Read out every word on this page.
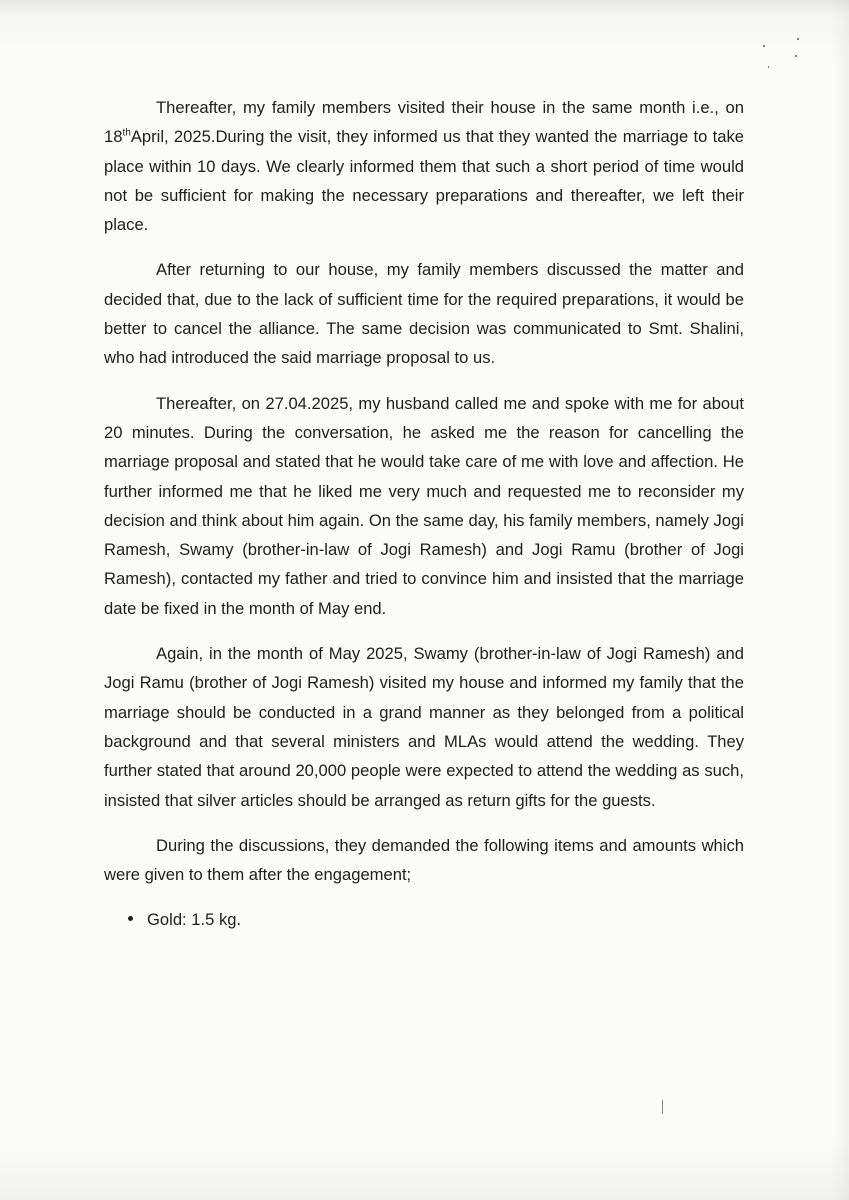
Thereafter, my family members visited their house in the same month i.e., on 18thApril, 2025.During the visit, they informed us that they wanted the marriage to take place within 10 days. We clearly informed them that such a short period of time would not be sufficient for making the necessary preparations and thereafter, we left their place.

After returning to our house, my family members discussed the matter and decided that, due to the lack of sufficient time for the required preparations, it would be better to cancel the alliance. The same decision was communicated to Smt. Shalini, who had introduced the said marriage proposal to us.

Thereafter, on 27.04.2025, my husband called me and spoke with me for about 20 minutes. During the conversation, he asked me the reason for cancelling the marriage proposal and stated that he would take care of me with love and affection. He further informed me that he liked me very much and requested me to reconsider my decision and think about him again. On the same day, his family members, namely Jogi Ramesh, Swamy (brother-in-law of Jogi Ramesh) and Jogi Ramu (brother of Jogi Ramesh), contacted my father and tried to convince him and insisted that the marriage date be fixed in the month of May end.

Again, in the month of May 2025, Swamy (brother-in-law of Jogi Ramesh) and Jogi Ramu (brother of Jogi Ramesh) visited my house and informed my family that the marriage should be conducted in a grand manner as they belonged from a political background and that several ministers and MLAs would attend the wedding. They further stated that around 20,000 people were expected to attend the wedding as such, insisted that silver articles should be arranged as return gifts for the guests.

During the discussions, they demanded the following items and amounts which were given to them after the engagement;

Gold: 1.5 kg.
